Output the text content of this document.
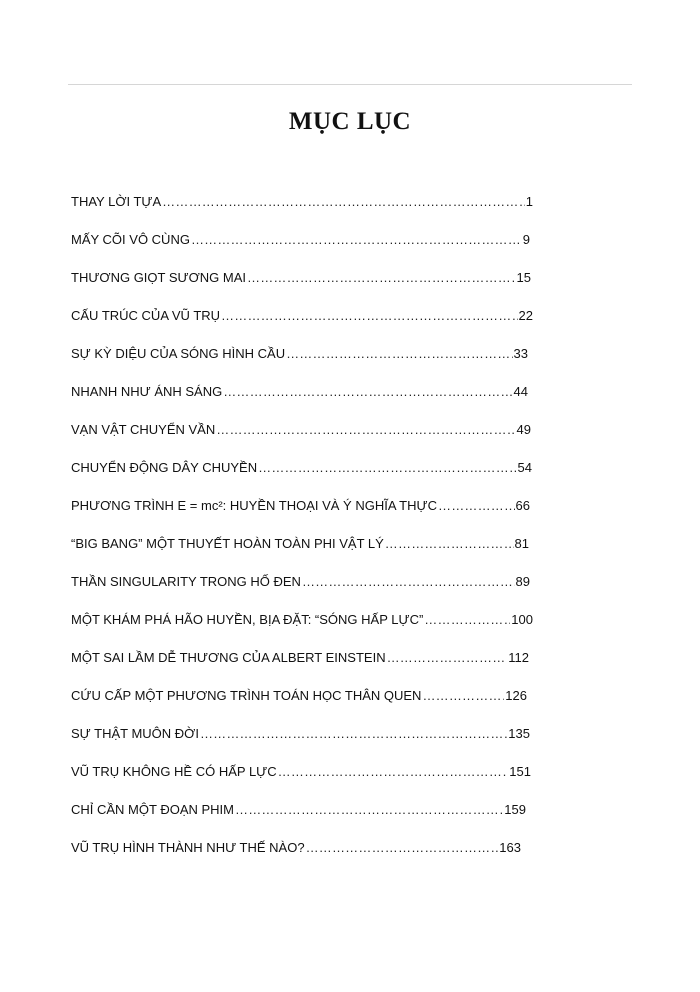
MỤC LỤC
THAY LỜI TỰA ……………………………………………………………………………………………………………………………………………………………………………………	1
MẤY CÕI VÔ CÙNG ……………………………………………………………………………………………………………………………………………………………………………………	9
THƯƠNG GIỌT SƯƠNG MAI ……………………………………………………………………………………………………………………………………………………………………………………	15
CẤU TRÚC CỦA VŨ TRỤ ……………………………………………………………………………………………………………………………………………………………………………………	22
SỰ KỲ DIỆU CỦA SÓNG HÌNH CẦU ……………………………………………………………………………………………………………………………………………………………………………………	33
NHANH NHƯ ÁNH SÁNG ……………………………………………………………………………………………………………………………………………………………………………………	44
VẠN VẬT CHUYỂN VẦN ……………………………………………………………………………………………………………………………………………………………………………………	49
CHUYỂN ĐỘNG DÂY CHUYỀN ……………………………………………………………………………………………………………………………………………………………………………………	54
PHƯƠNG TRÌNH E = mc²: HUYỀN THOẠI VÀ Ý NGHĨA THỰC ……………………………………………………………………………………………………………………………………………………………………………………	66
“BIG BANG” MỘT THUYẾT HOÀN TOÀN PHI VẬT LÝ ……………………………………………………………………………………………………………………………………………………………………………………	81
THẦN SINGULARITY TRONG HỐ ĐEN ……………………………………………………………………………………………………………………………………………………………………………………	89
MỘT KHÁM PHÁ HÃO HUYỀN, BỊA ĐẶT: “SÓNG HẤP LỰC” ……………………………………………………………………………………………………………………………………………………………………………………	100
MỘT SAI LẦM DỄ THƯƠNG CỦA ALBERT EINSTEIN ……………………………………………………………………………………………………………………………………………………………………………………	112
CỨU CẤP MỘT PHƯƠNG TRÌNH TOÁN HỌC THÂN QUEN ……………………………………………………………………………………………………………………………………………………………………………………	126
SỰ THẬT MUÔN ĐỜI ……………………………………………………………………………………………………………………………………………………………………………………	135
VŨ TRỤ KHÔNG HỀ CÓ HẤP LỰC ……………………………………………………………………………………………………………………………………………………………………………………	151
CHỈ CẦN MỘT ĐOẠN PHIM ……………………………………………………………………………………………………………………………………………………………………………………	159
VŨ TRỤ HÌNH THÀNH NHƯ THẾ NÀO? ……………………………………………………………………………………………………………………………………………………………………………………	163
